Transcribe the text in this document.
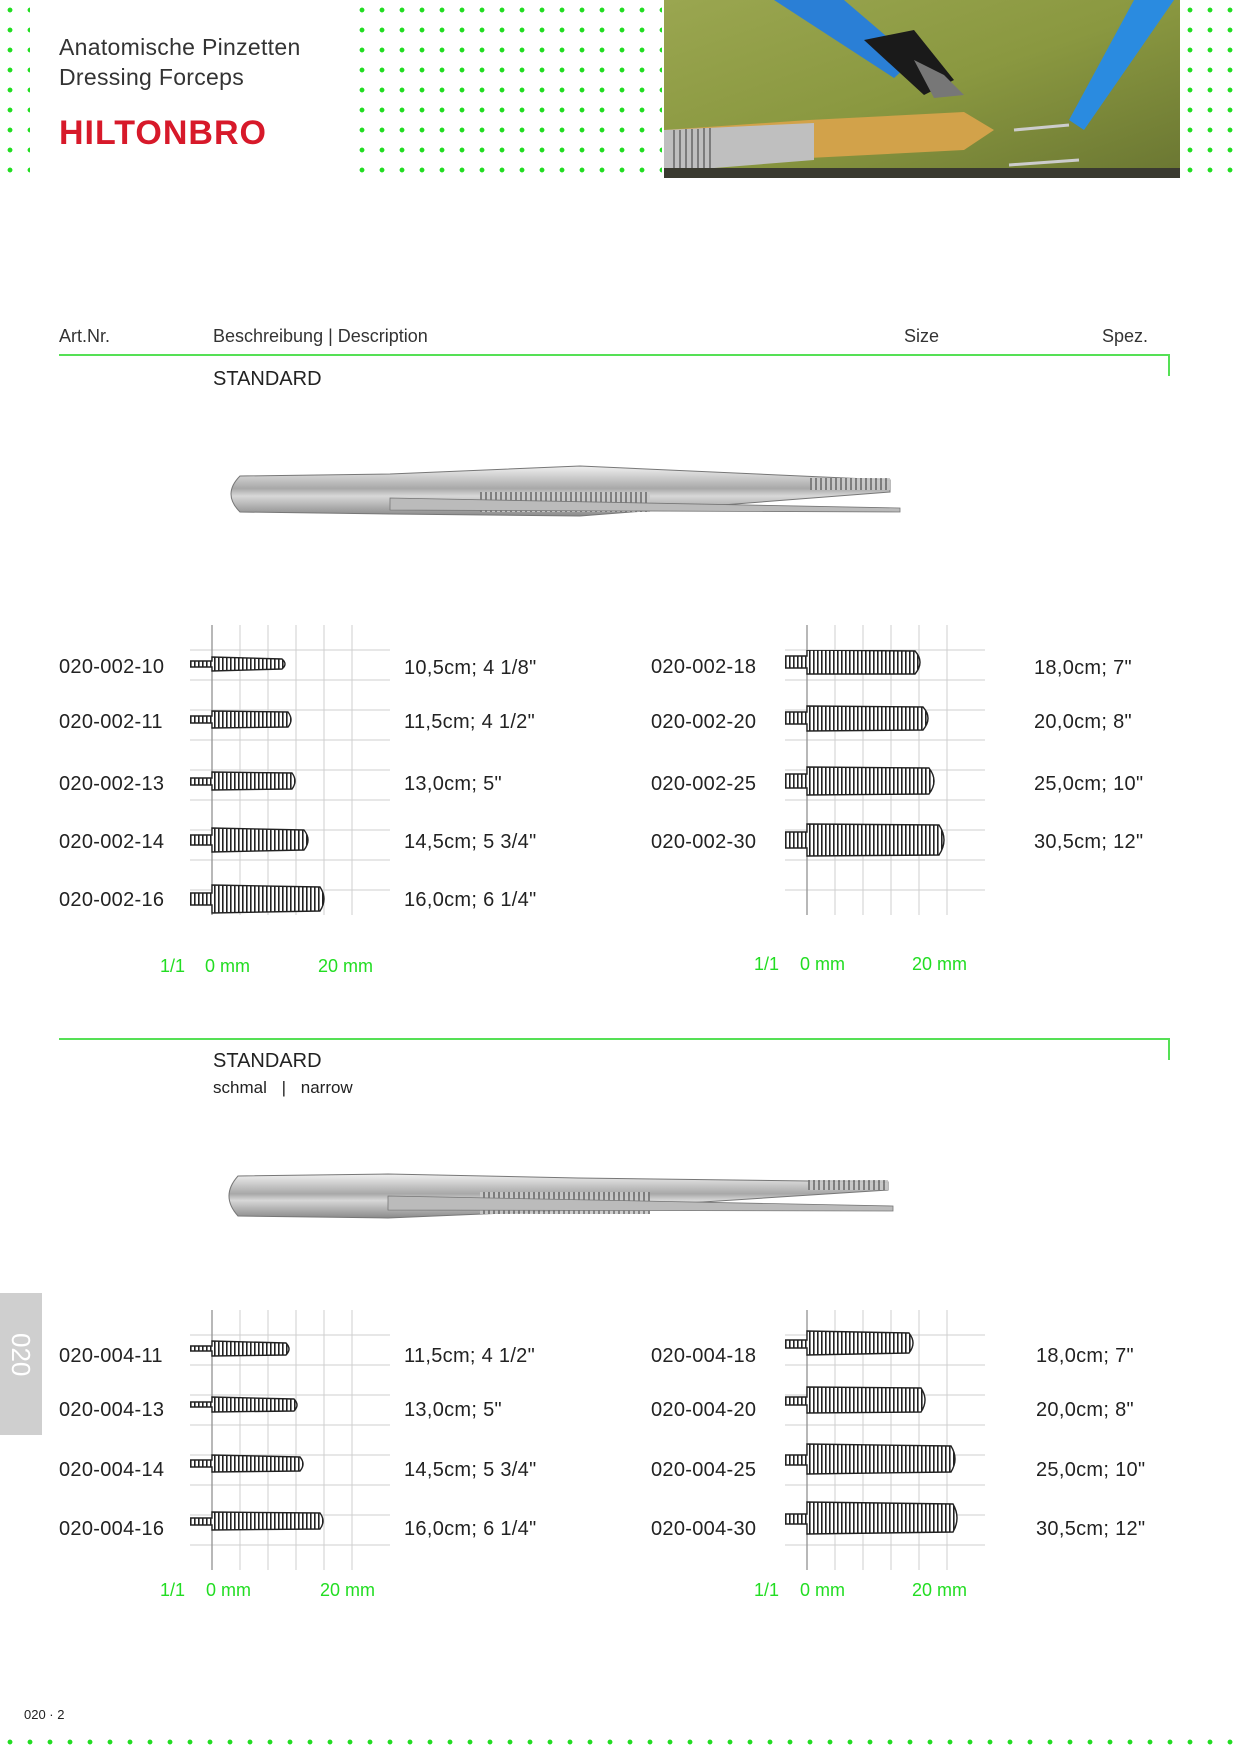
Anatomische Pinzetten
Dressing Forceps
HILTONBRO
Art.Nr.	Beschreibung | Description	Size	Spez.
STANDARD
1/1 0 mm	20 mm
020-002-10	10,5cm; 4 1/8"
020-002-11	11,5cm; 4 1/2"
020-002-13	13,0cm; 5"
020-002-14	14,5cm; 5 3/4"
020-002-16	16,0cm; 6 1/4"
1/1 0 mm	20 mm
020-002-18	18,0cm; 7"
020-002-20	20,0cm; 8"
020-002-25	25,0cm; 10"
020-002-30	30,5cm; 12"
STANDARD
schmal | narrow
1/1 0 mm	20 mm
020-004-11	11,5cm; 4 1/2"
020-004-13	13,0cm; 5"
020-004-14	14,5cm; 5 3/4"
020-004-16	16,0cm; 6 1/4"
1/1 0 mm	20 mm
020-004-18	18,0cm; 7"
020-004-20	20,0cm; 8"
020-004-25	25,0cm; 10"
020-004-30	30,5cm; 12"
020
020 · 2
